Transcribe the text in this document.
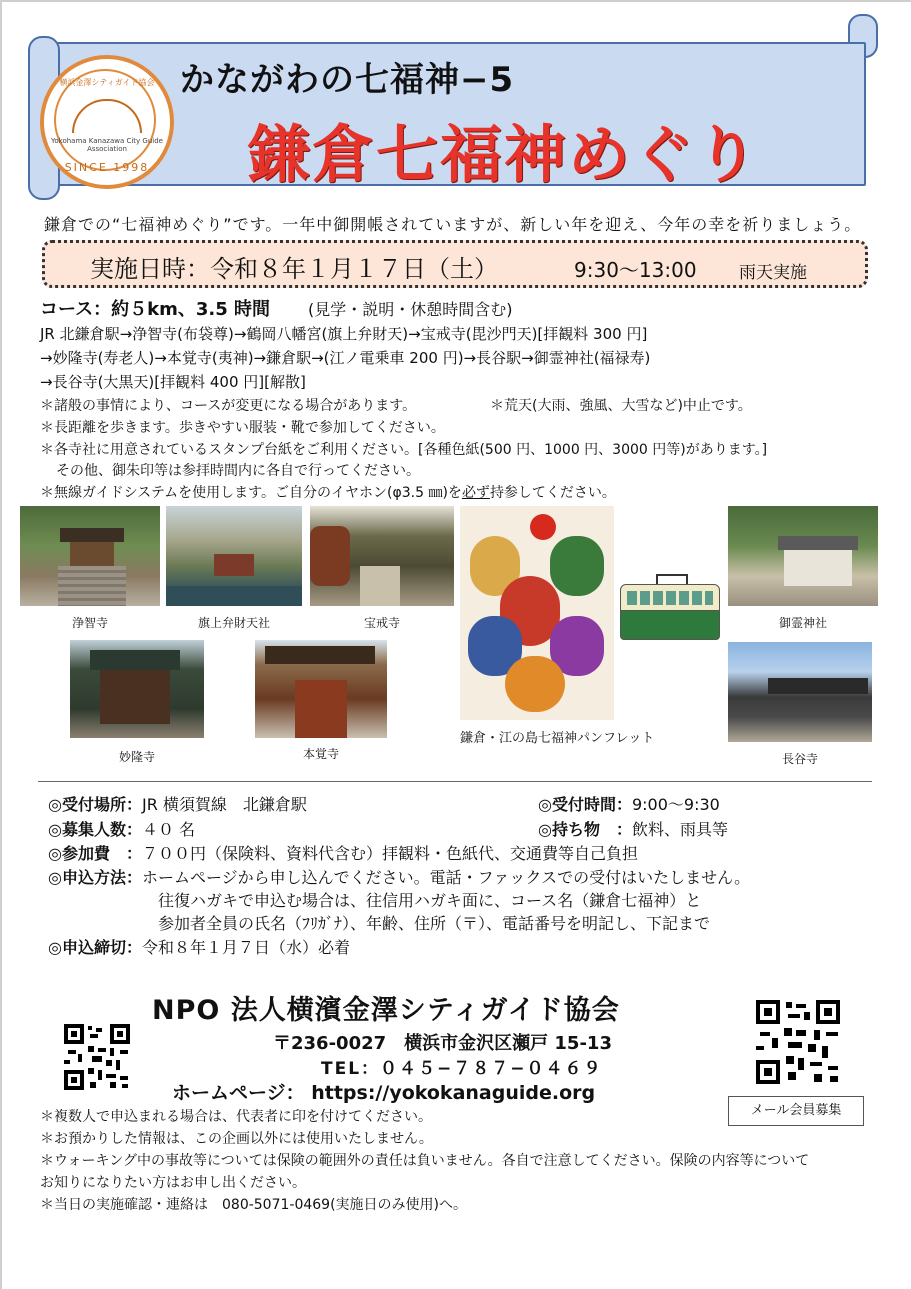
横浜金澤シティガイド協会
Yokohama Kanazawa City Guide Association
SINCE 1998
かながわの七福神−5
鎌倉七福神めぐり
鎌倉での“七福神めぐり”です。一年中御開帳されていますが、新しい年を迎え、今年の幸を祈りましょう。
実施日時：令和８年１月１７日（土）	9:30〜13:00 雨天実施
コース：約５km、3.5 時間 (見学・説明・休憩時間含む)
JR 北鎌倉駅→浄智寺(布袋尊)→鶴岡八幡宮(旗上弁財天)→宝戒寺(毘沙門天)[拝観料 300 円]
→妙隆寺(寿老人)→本覚寺(夷神)→鎌倉駅→(江ノ電乗車 200 円)→長谷駅→御霊神社(福禄寿)
→長谷寺(大黒天)[拝観料 400 円][解散]
＊諸般の事情により、コースが変更になる場合があります。	＊荒天(大雨、強風、大雪など)中止です。
＊長距離を歩きます。歩きやすい服装・靴で参加してください。
＊各寺社に用意されているスタンプ台紙をご利用ください。[各種色紙(500 円、1000 円、3000 円等)があります。]
その他、御朱印等は参拝時間内に各自で行ってください。
＊無線ガイドシステムを使用します。ご自分のイヤホン(φ3.5 ㎜)を必ず持参してください。
浄智寺	旗上弁財天社	宝戒寺
鎌倉・江の島七福神パンフレット
御霊神社
妙隆寺	本覚寺	長谷寺
◎受付場所：JR 横須賀線　北鎌倉駅	◎受付時間：9:00〜9:30
◎募集人数：４０ 名	◎持ち物　：飲料、雨具等
◎参加費　：７００円（保険料、資料代含む）拝観料・色紙代、交通費等自己負担
◎申込方法：ホームページから申し込んでください。電話・ファックスでの受付はいたしません。
往復ハガキで申込む場合は、往信用ハガキ面に、コース名（鎌倉七福神）と
参加者全員の氏名（ﾌﾘｶﾞﾅ）、年齢、住所（〒）、電話番号を明記し、下記まで
◎申込締切：令和８年１月７日（水）必着
NPO 法人横濱金澤シティガイド協会
〒236-0027　横浜市金沢区瀬戸 15-13
TEL：０４５−７８７−０４６９
ホームページ： https://yokokanaguide.org
メール会員募集
＊複数人で申込まれる場合は、代表者に印を付けてください。
＊お預かりした情報は、この企画以外には使用いたしません。
＊ウォーキング中の事故等については保険の範囲外の責任は負いません。各自で注意してください。保険の内容等について
お知りになりたい方はお申し出ください。
＊当日の実施確認・連絡は　080-5071-0469(実施日のみ使用)へ。
